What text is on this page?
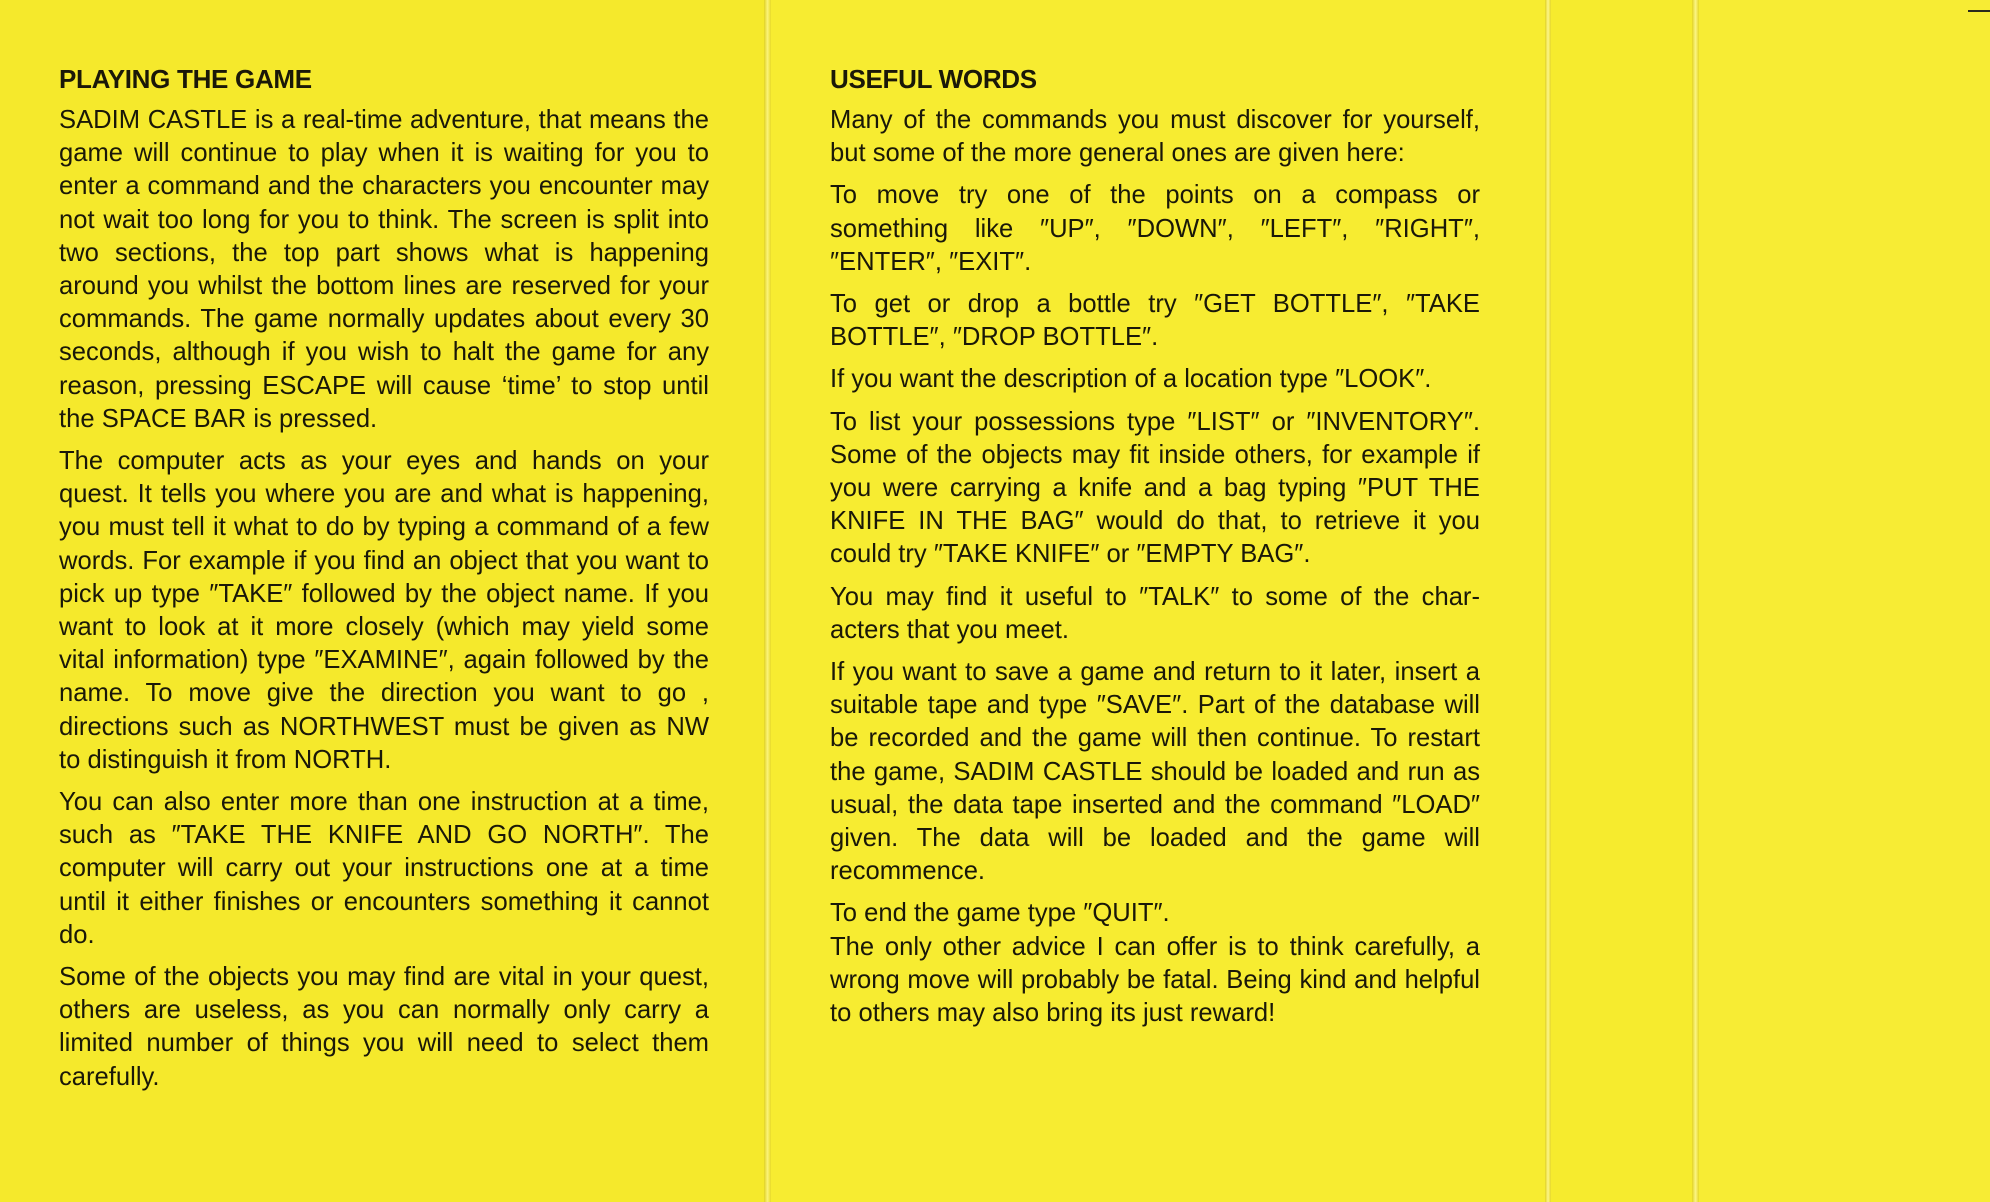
PLAYING THE GAME

SADIM CASTLE is a real-time adventure, that means the game will continue to play when it is waiting for you to enter a command and the characters you encounter may not wait too long for you to think. The screen is split into two sections, the top part shows what is happening around you whilst the bottom lines are reserved for your commands. The game normally updates about every 30 seconds, although if you wish to halt the game for any reason, pressing ESCAPE will cause ‘time’ to stop until the SPACE BAR is pressed.

The computer acts as your eyes and hands on your quest. It tells you where you are and what is happening, you must tell it what to do by typing a command of a few words. For example if you find an object that you want to pick up type ″TAKE″ followed by the object name. If you want to look at it more closely (which may yield some vital information) type ″EXAMINE″, again followed by the name. To move give the direction you want to go , directions such as NORTHWEST must be given as NW to distinguish it from NORTH.

You can also enter more than one instruction at a time, such as ″TAKE THE KNIFE AND GO NORTH″. The computer will carry out your instructions one at a time until it either finishes or encounters something it cannot do.

Some of the objects you may find are vital in your quest, others are useless, as you can normally only carry a limited number of things you will need to select them carefully.

USEFUL WORDS

Many of the commands you must discover for yourself, but some of the more general ones are given here:

To move try one of the points on a compass or something like ″UP″, ″DOWN″, ″LEFT″, ″RIGHT″, ″ENTER″, ″EXIT″.

To get or drop a bottle try ″GET BOTTLE″, ″TAKE BOTTLE″, ″DROP BOTTLE″.

If you want the description of a location type ″LOOK″.

To list your possessions type ″LIST″ or ″INVENTORY″. Some of the objects may fit inside others, for example if you were carrying a knife and a bag typing ″PUT THE KNIFE IN THE BAG″ would do that, to retrieve it you could try ″TAKE KNIFE″ or ″EMPTY BAG″.

You may find it useful to ″TALK″ to some of the characters that you meet.

If you want to save a game and return to it later, insert a suitable tape and type ″SAVE″. Part of the database will be recorded and the game will then continue. To restart the game, SADIM CASTLE should be loaded and run as usual, the data tape inserted and the command ″LOAD″ given. The data will be loaded and the game will recommence.

To end the game type ″QUIT″.

The only other advice I can offer is to think carefully, a wrong move will probably be fatal. Being kind and helpful to others may also bring its just reward!
